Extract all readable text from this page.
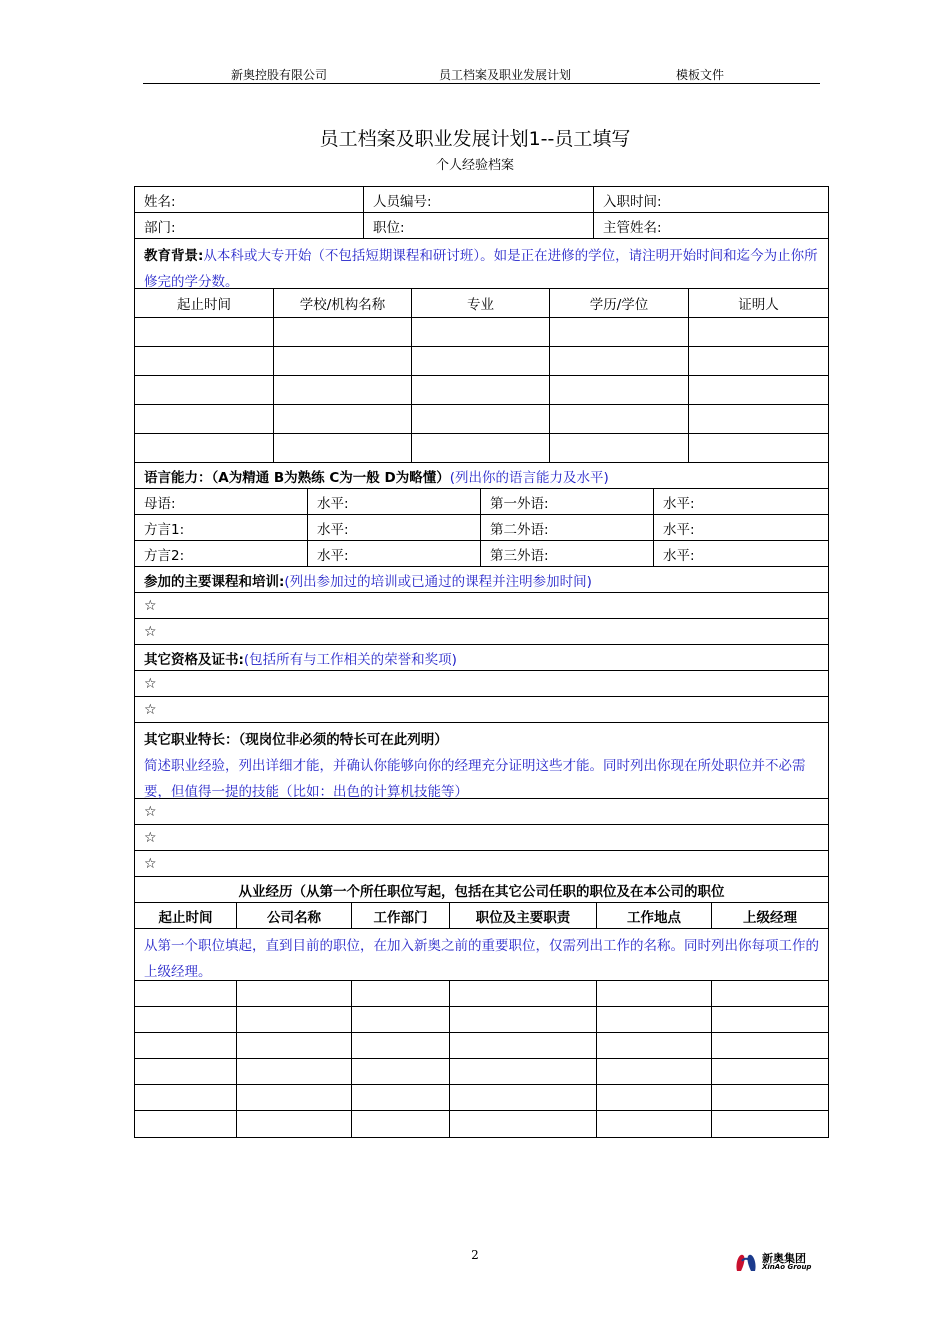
新奥控股有限公司	员工档案及职业发展计划	模板文件
员工档案及职业发展计划1--员工填写
个人经验档案
姓名:	人员编号:	入职时间:
部门:	职位:	主管姓名:
教育背景:从本科或大专开始（不包括短期课程和研讨班）。如是正在进修的学位，请注明开始时间和迄今为止你所修完的学分数。
起止时间	学校/机构名称	专业	学历/学位	证明人
语言能力：（A为精通 B为熟练 C为一般 D为略懂） (列出你的语言能力及水平)
母语:	水平:	第一外语:	水平:
方言1:	水平:	第二外语:	水平:
方言2:	水平:	第三外语:	水平:
参加的主要课程和培训: (列出参加过的培训或已通过的课程并注明参加时间)
☆
☆
其它资格及证书: (包括所有与工作相关的荣誉和奖项)
☆
☆
其它职业特长：（现岗位非必须的特长可在此列明）
简述职业经验，列出详细才能，并确认你能够向你的经理充分证明这些才能。同时列出你现在所处职位并不必需要，但值得一提的技能（比如：出色的计算机技能等）
☆
☆
☆
从业经历（从第一个所任职位写起，包括在其它公司任职的职位及在本公司的职位
起止时间	公司名称	工作部门	职位及主要职责	工作地点	上级经理
从第一个职位填起，直到目前的职位，在加入新奥之前的重要职位，仅需列出工作的名称。同时列出你每项工作的上级经理。
2	新奥集团
XinAo Group
